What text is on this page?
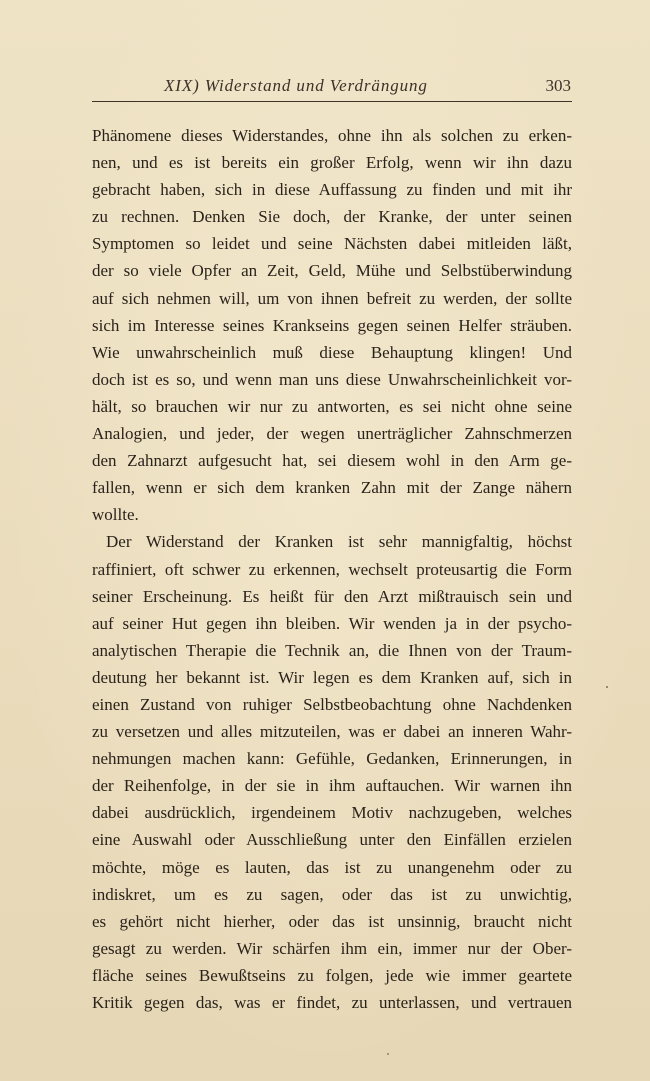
XIX) Widerstand und Verdrängung	303
Phänomene dieses Widerstandes, ohne ihn als solchen zu erken-
nen, und es ist bereits ein großer Erfolg, wenn wir ihn dazu
gebracht haben, sich in diese Auffassung zu finden und mit ihr
zu rechnen. Denken Sie doch, der Kranke, der unter seinen
Symptomen so leidet und seine Nächsten dabei mitleiden läßt,
der so viele Opfer an Zeit, Geld, Mühe und Selbstüberwindung
auf sich nehmen will, um von ihnen befreit zu werden, der sollte
sich im Interesse seines Krankseins gegen seinen Helfer sträuben.
Wie unwahrscheinlich muß diese Behauptung klingen! Und
doch ist es so, und wenn man uns diese Unwahrscheinlichkeit vor-
hält, so brauchen wir nur zu antworten, es sei nicht ohne seine
Analogien, und jeder, der wegen unerträglicher Zahnschmerzen
den Zahnarzt aufgesucht hat, sei diesem wohl in den Arm ge-
fallen, wenn er sich dem kranken Zahn mit der Zange nähern
wollte.
Der Widerstand der Kranken ist sehr mannigfaltig, höchst
raffiniert, oft schwer zu erkennen, wechselt proteusartig die Form
seiner Erscheinung. Es heißt für den Arzt mißtrauisch sein und
auf seiner Hut gegen ihn bleiben. Wir wenden ja in der psycho-
analytischen Therapie die Technik an, die Ihnen von der Traum-
deutung her bekannt ist. Wir legen es dem Kranken auf, sich in
einen Zustand von ruhiger Selbstbeobachtung ohne Nachdenken
zu versetzen und alles mitzuteilen, was er dabei an inneren Wahr-
nehmungen machen kann: Gefühle, Gedanken, Erinnerungen, in
der Reihenfolge, in der sie in ihm auftauchen. Wir warnen ihn
dabei ausdrücklich, irgendeinem Motiv nachzugeben, welches
eine Auswahl oder Ausschließung unter den Einfällen erzielen
möchte, möge es lauten, das ist zu unangenehm oder zu
indiskret, um es zu sagen, oder das ist zu unwichtig,
es gehört nicht hierher, oder das ist unsinnig, braucht nicht
gesagt zu werden. Wir schärfen ihm ein, immer nur der Ober-
fläche seines Bewußtseins zu folgen, jede wie immer geartete
Kritik gegen das, was er findet, zu unterlassen, und vertrauen
